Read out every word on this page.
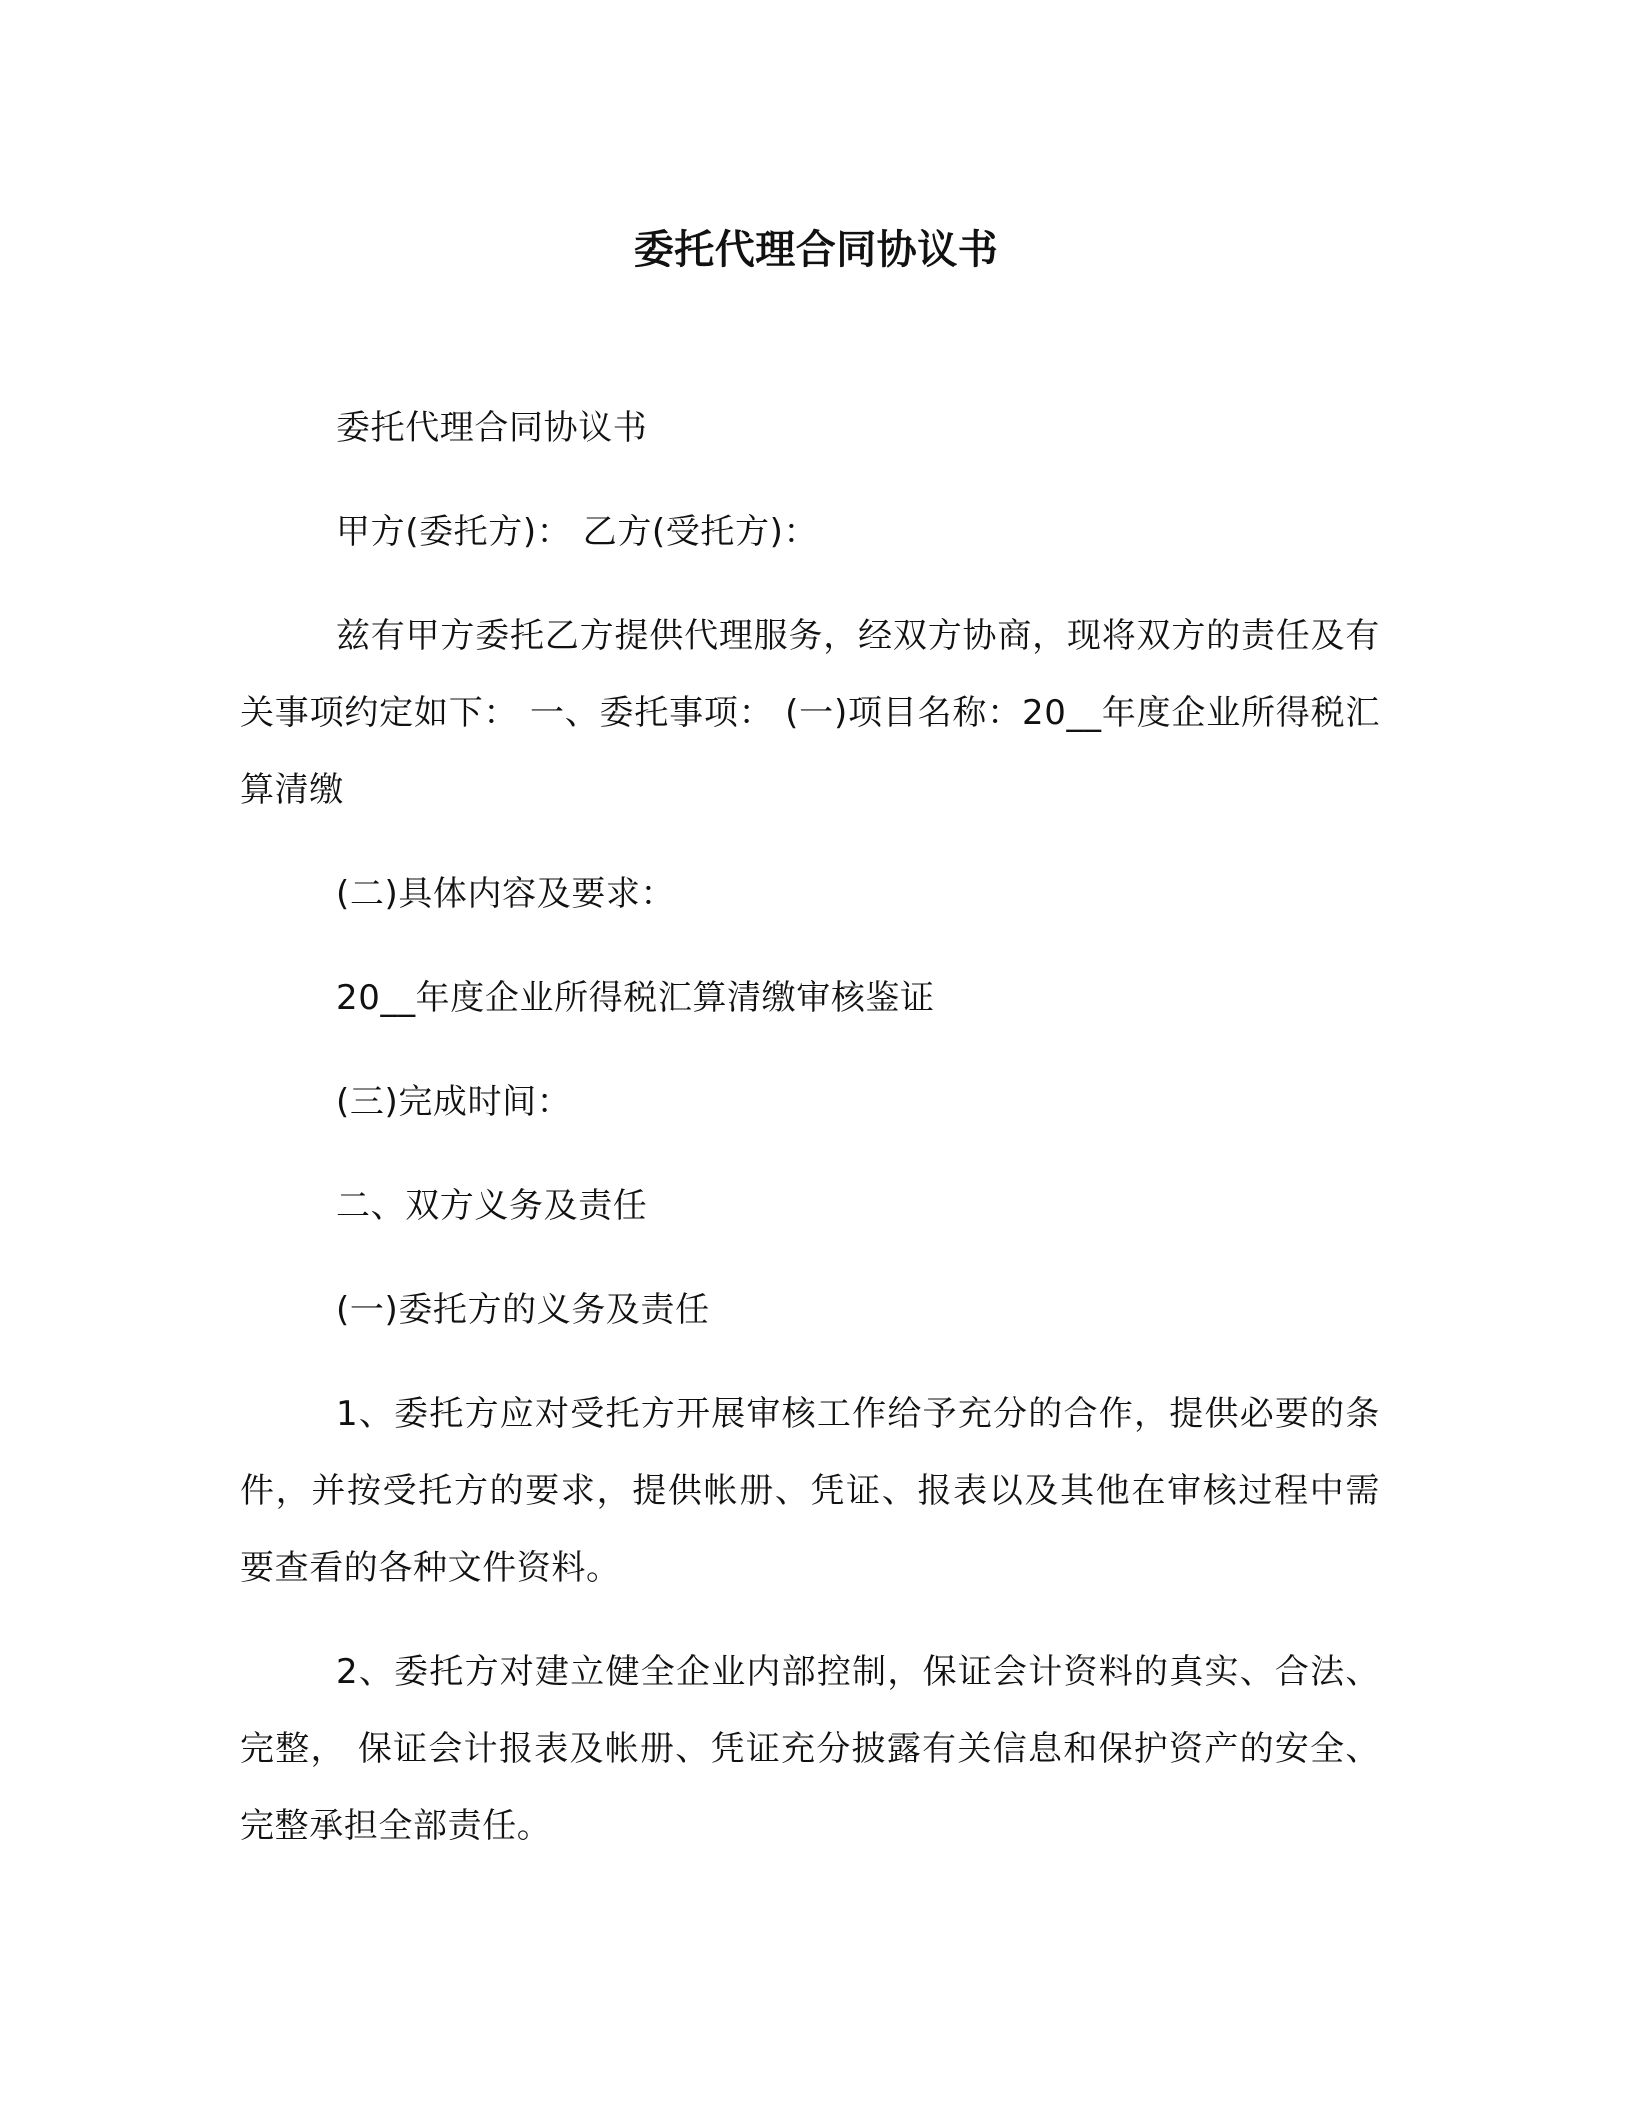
委托代理合同协议书

委托代理合同协议书

甲方(委托方)： 乙方(受托方)：

兹有甲方委托乙方提供代理服务，经双方协商，现将双方的责任及有关事项约定如下： 一、委托事项： (一)项目名称：20__年度企业所得税汇算清缴

(二)具体内容及要求：

20__年度企业所得税汇算清缴审核鉴证

(三)完成时间：

二、双方义务及责任

(一)委托方的义务及责任

1、委托方应对受托方开展审核工作给予充分的合作，提供必要的条件，并按受托方的要求，提供帐册、凭证、报表以及其他在审核过程中需要查看的各种文件资料。

2、委托方对建立健全企业内部控制，保证会计资料的真实、合法、完整， 保证会计报表及帐册、凭证充分披露有关信息和保护资产的安全、完整承担全部责任。
